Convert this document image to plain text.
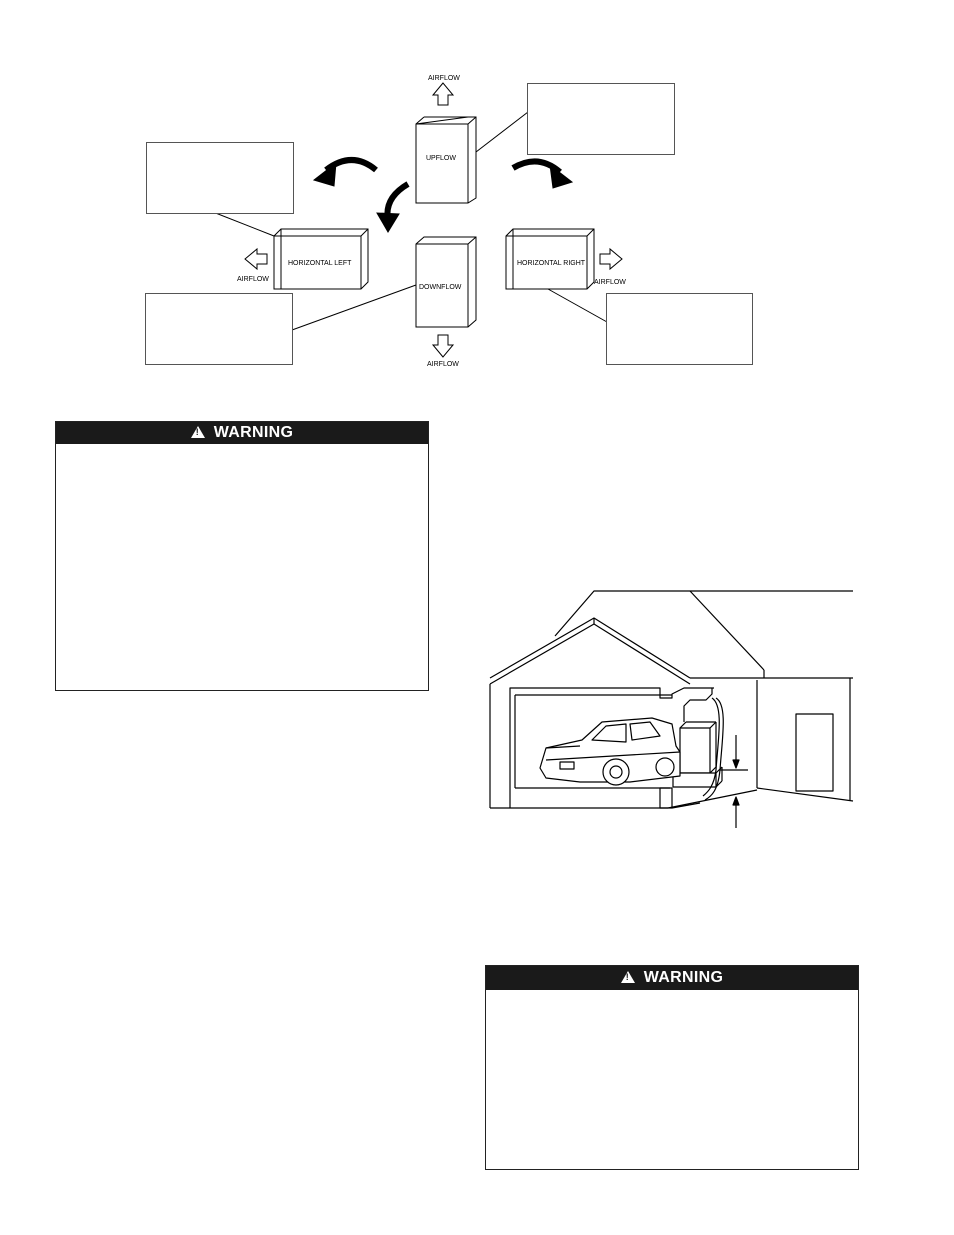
AIRFLOW
AIRFLOW
AIRFLOW	AIRFLOW
UPFLOW
DOWNFLOW
HORIZONTAL LEFT	HORIZONTAL RIGHT
!
WARNING
!
WARNING
